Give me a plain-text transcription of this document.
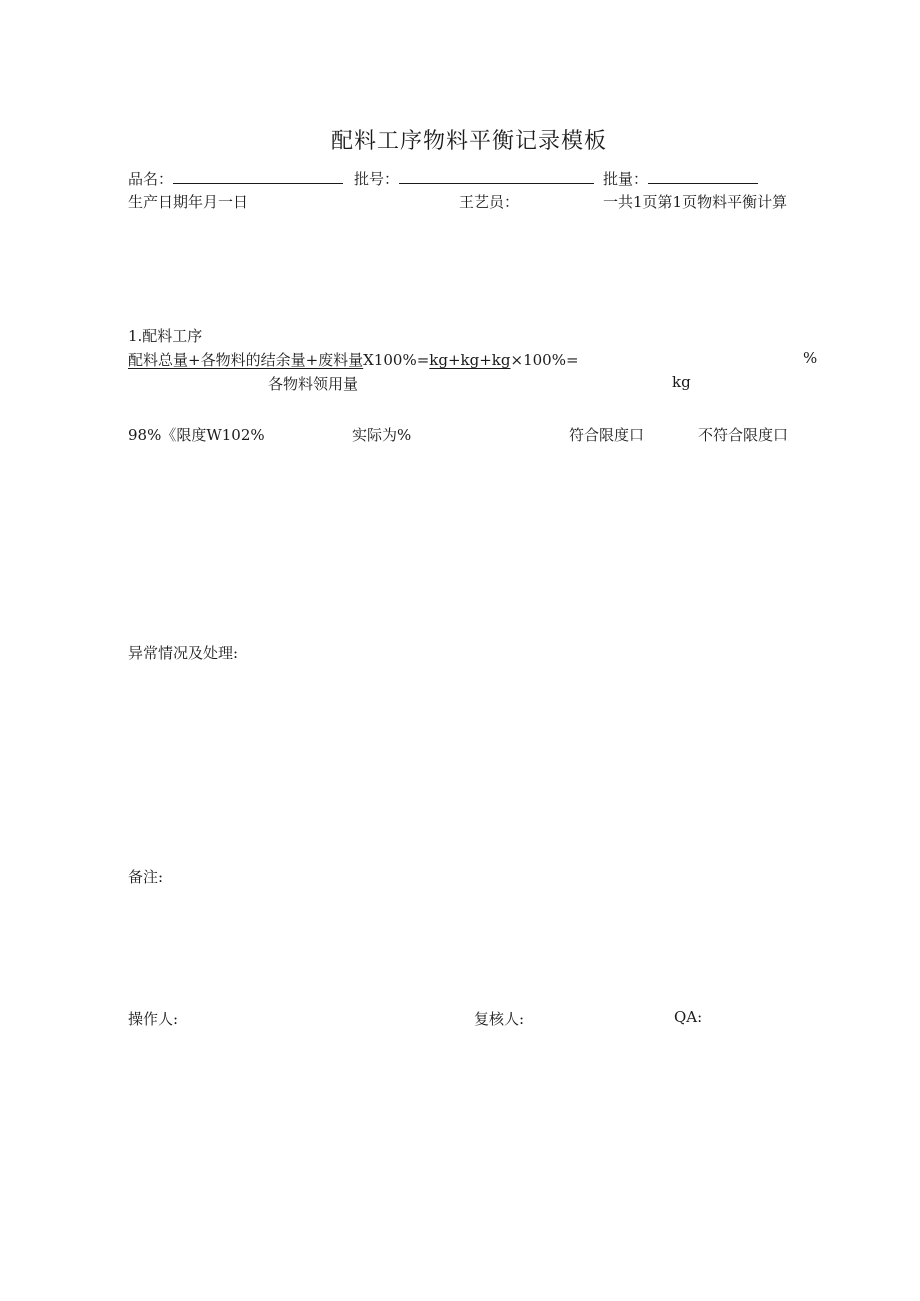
配料工序物料平衡记录模板
品名：	批号：	批量：
生产日期年月一日	王艺员：	一共1页第1页物料平衡计算
1.配料工序
配料总量+各物料的结余量+废料量X100%=kg+kg+kg×100%=	%
各物料领用量	kg
98%《限度W102%	实际为%	符合限度口	不符合限度口
异常情况及处理:
备注:
操作人:	复核人:	QA:
